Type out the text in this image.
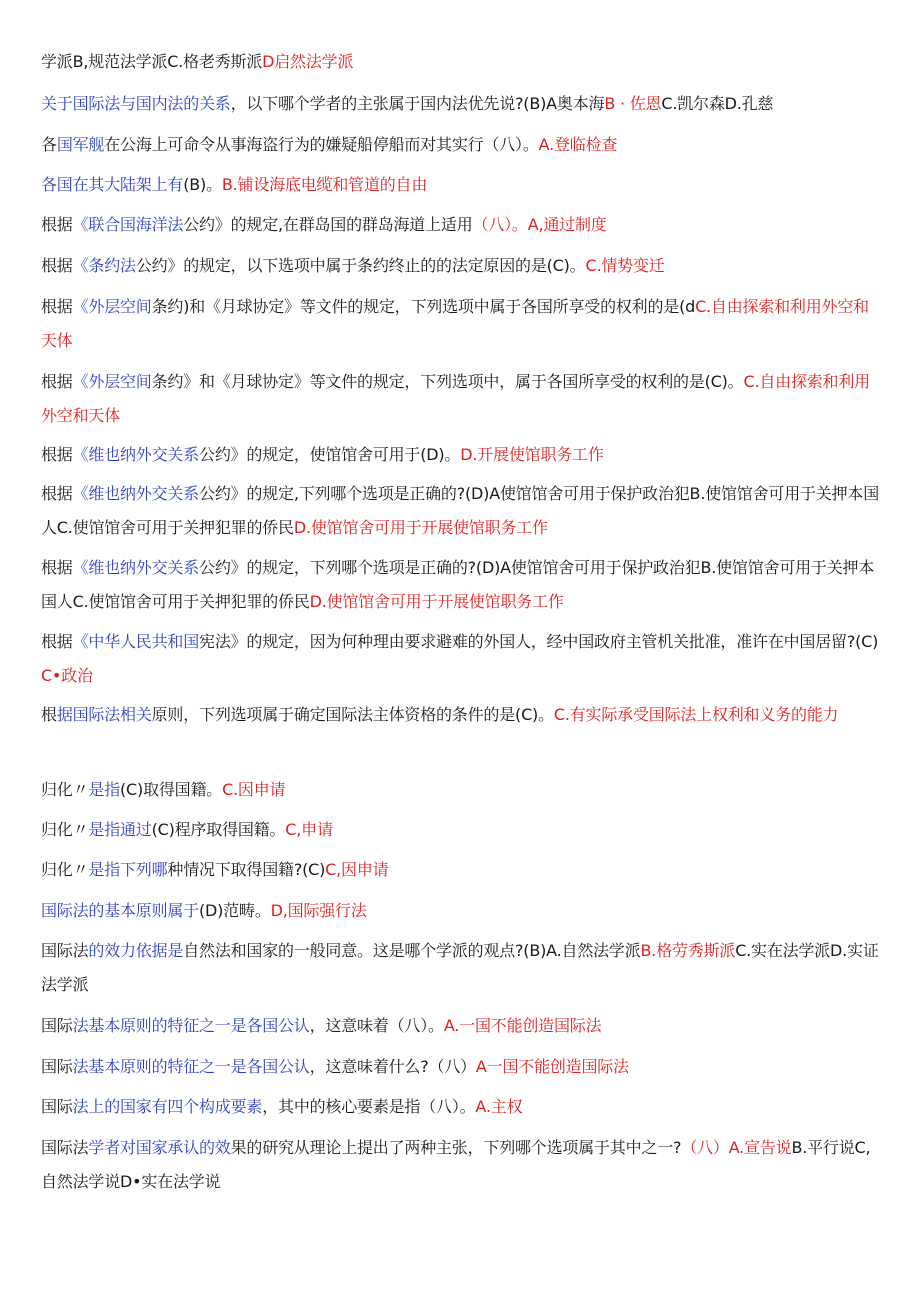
学派B,规范法学派C.格老秀斯派D启然法学派
关于国际法与国内法的关系，以下哪个学者的主张属于国内法优先说?(B)A奥本海B · 佐恩C.凯尔森D.孔慈
各国军舰在公海上可命令从事海盗行为的嫌疑船停船而对其实行（八）。A.登临检查
各国在其大陆架上有(B)。B.铺设海底电缆和管道的自由
根据《联合国海洋法公约》的规定,在群岛国的群岛海道上适用（八）。A,通过制度
根据《条约法公约》的规定，以下选项中属于条约终止的的法定原因的是(C)。C.情势变迁
根据《外层空间条约)和《月球协定》等文件的规定，下列选项中属于各国所享受的权利的是(dC.自由探索和利用外空和天体
根据《外层空间条约》和《月球协定》等文件的规定，下列选项中，属于各国所享受的权利的是(C)。C.自由探索和利用外空和天体
根据《维也纳外交关系公约》的规定，使馆馆舍可用于(D)。D.开展使馆职务工作
根据《维也纳外交关系公约》的规定,下列哪个选项是正确的?(D)A使馆馆舍可用于保护政治犯B.使馆馆舍可用于关押本国人C.使馆馆舍可用于关押犯罪的侨民D.使馆馆舍可用于开展使馆职务工作
根据《维也纳外交关系公约》的规定，下列哪个选项是正确的?(D)A使馆馆舍可用于保护政治犯B.使馆馆舍可用于关押本国人C.使馆馆舍可用于关押犯罪的侨民D.使馆馆舍可用于开展使馆职务工作
根据《中华人民共和国宪法》的规定，因为何种理由要求避难的外国人，经中国政府主管机关批准，准许在中国居留?(C)C•政治
根据国际法相关原则，下列选项属于确定国际法主体资格的条件的是(C)。C.有实际承受国际法上权利和义务的能力
归化〃是指(C)取得国籍。C.因申请
归化〃是指通过(C)程序取得国籍。C,申请
归化〃是指下列哪种情况下取得国籍?(C)C,因申请
国际法的基本原则属于(D)范畴。D,国际强行法
国际法的效力依据是自然法和国家的一般同意。这是哪个学派的观点?(B)A.自然法学派B.格劳秀斯派C.实在法学派D.实证法学派
国际法基本原则的特征之一是各国公认，这意味着（八）。A.一国不能创造国际法
国际法基本原则的特征之一是各国公认，这意味着什么?（八）A一国不能创造国际法
国际法上的国家有四个构成要素，其中的核心要素是指（八）。A.主权
国际法学者对国家承认的效果的研究从理论上提出了两种主张，下列哪个选项属于其中之一?（八）A.宣告说B.平行说C,自然法学说D•实在法学说
